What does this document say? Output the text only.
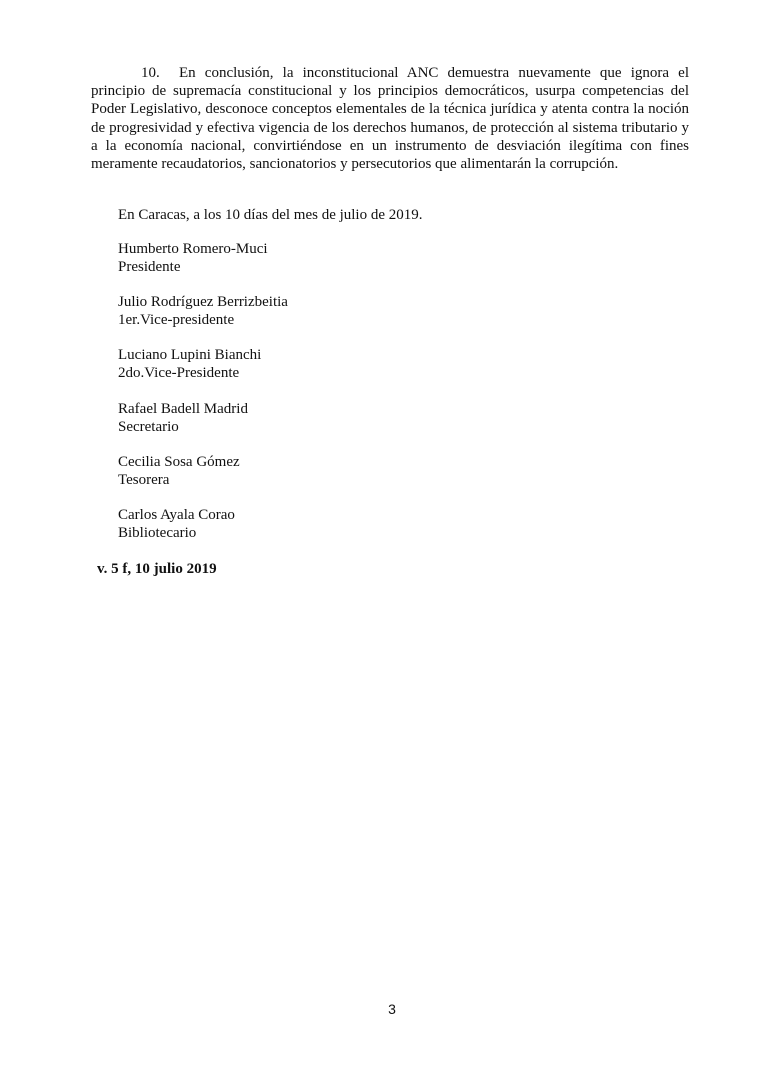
10. En conclusión, la inconstitucional ANC demuestra nuevamente que ignora el principio de supremacía constitucional y los principios democráticos, usurpa competencias del Poder Legislativo, desconoce conceptos elementales de la técnica jurídica y atenta contra la noción de progresividad y efectiva vigencia de los derechos humanos, de protección al sistema tributario y a la economía nacional, convirtiéndose en un instrumento de desviación ilegítima con fines meramente recaudatorios, sancionatorios y persecutorios que alimentarán la corrupción.

En Caracas, a los 10 días del mes de julio de 2019.

Humberto Romero-Muci
Presidente
Julio Rodríguez Berrizbeitia
1er.Vice-presidente
Luciano Lupini Bianchi
2do.Vice-Presidente
Rafael Badell Madrid
Secretario
Cecilia Sosa Gómez
Tesorera
Carlos Ayala Corao
Bibliotecario

v. 5 f, 10 julio 2019

3
